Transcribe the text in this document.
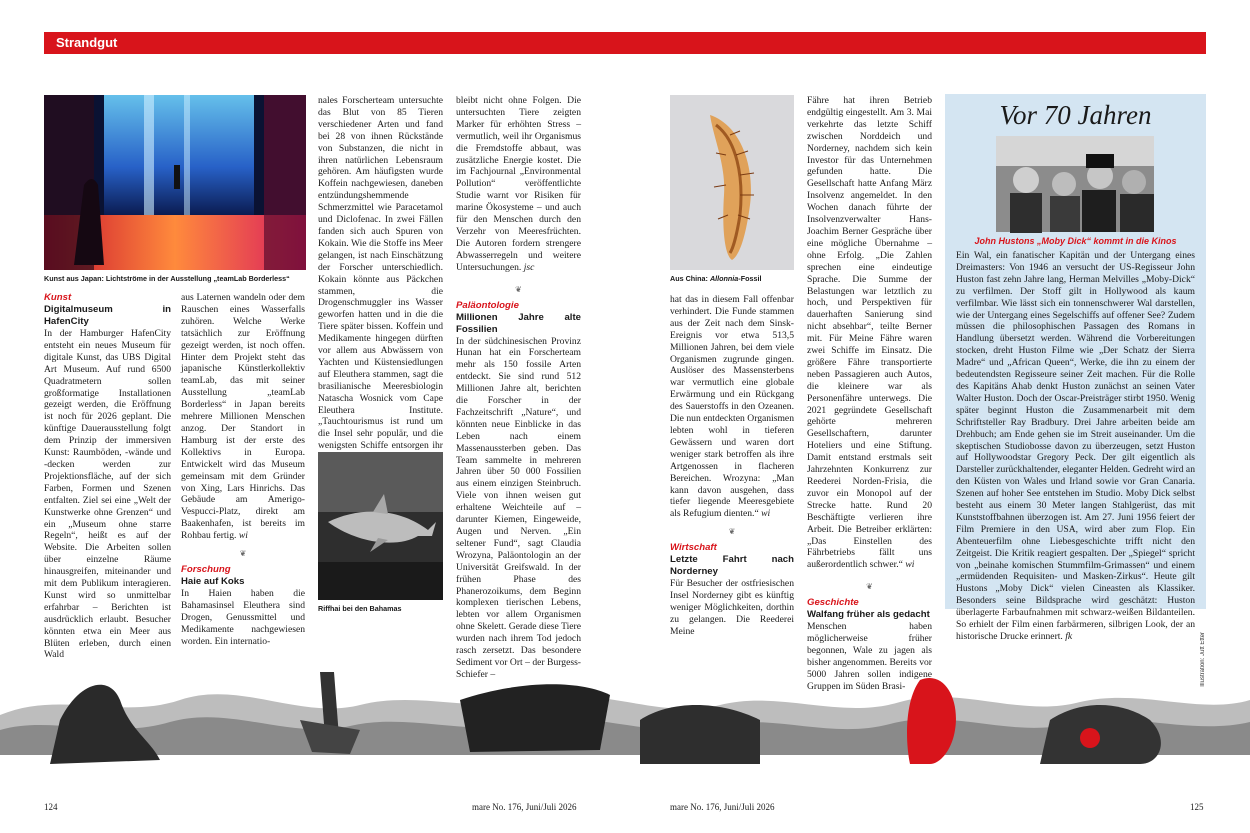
Strandgut
Kunst aus Japan: Lichtströme in der Ausstellung „teamLab Borderless“

Kunst

Digitalmuseum in HafenCity

In der Hamburger HafenCity entsteht ein neues Museum für digitale Kunst, das UBS Digital Art Museum. Auf rund 6500 Quadratmetern sollen großformatige Installationen gezeigt werden, die Eröffnung ist noch für 2026 geplant. Die künftige Dauerausstellung folgt dem Prinzip der immersiven Kunst: Raumböden, -wände und -decken werden zur Projektionsfläche, auf der sich Farben, Formen und Szenen entfalten. Ziel sei eine „Welt der Kunstwerke ohne Grenzen“ und ein „Museum ohne starre Regeln“, heißt es auf der Website. Die Arbeiten sollen über einzelne Räume hinausgreifen, miteinander und mit dem Publikum interagieren. Kunst wird so unmittelbar erfahrbar – Berichten ist ausdrücklich erlaubt. Besucher könnten etwa ein Meer aus Blüten erleben, durch einen Wald

aus Laternen wandeln oder dem Rauschen eines Wasserfalls zuhören. Welche Werke tatsächlich zur Eröffnung gezeigt werden, ist noch offen. Hinter dem Projekt steht das japanische Künstlerkollektiv teamLab, das mit seiner Ausstellung „teamLab Borderless“ in Japan bereits mehrere Millionen Menschen anzog. Der Standort in Hamburg ist der erste des Kollektivs in Europa. Entwickelt wird das Museum gemeinsam mit dem Gründer von Xing, Lars Hinrichs. Das Gebäude am Amerigo-Vespucci-Platz, direkt am Baakenhafen, ist bereits im Rohbau fertig. wi

❦

Forschung

Haie auf Koks

In Haien haben die Bahamasinsel Eleuthera sind Drogen, Genussmittel und Medikamente nachgewiesen worden. Ein internatio-

nales Forscherteam untersuchte das Blut von 85 Tieren verschiedener Arten und fand bei 28 von ihnen Rückstände von Substanzen, die nicht in ihren natürlichen Lebensraum gehören. Am häufigsten wurde Koffein nachgewiesen, daneben entzündungshemmende Schmerzmittel wie Paracetamol und Diclofenac. In zwei Fällen fanden sich auch Spuren von Kokain. Wie die Stoffe ins Meer gelangen, ist nach Einschätzung der Forscher unterschiedlich. Kokain könnte aus Päckchen stammen, die Drogenschmuggler ins Wasser geworfen hatten und in die die Tiere später bissen. Koffein und Medikamente hingegen dürften vor allem aus Abwässern von Yachten und Küstensiedlungen auf Eleuthera stammen, sagt die brasilianische Meeresbiologin Natascha Wosnick vom Cape Eleuthera Institute. „Tauchtourismus ist rund um die Insel sehr populär, und die wenigsten Schiffe entsorgen ihr

Riffhai bei den Bahamas

bleibt nicht ohne Folgen. Die untersuchten Tiere zeigten Marker für erhöhten Stress – vermutlich, weil ihr Organismus die Fremdstoffe abbaut, was zusätzliche Energie kostet. Die im Fachjournal „Environmental Pollution“ veröffentlichte Studie warnt vor Risiken für marine Ökosysteme – und auch für den Menschen durch den Verzehr von Meeresfrüchten. Die Autoren fordern strengere Abwasserregeln und weitere Untersuchungen. jsc

❦

Paläontologie

Millionen Jahre alte Fossilien

In der südchinesischen Provinz Hunan hat ein Forscherteam mehr als 150 fossile Arten entdeckt. Sie sind rund 512 Millionen Jahre alt, berichten die Forscher in der Fachzeitschrift „Nature“, und könnten neue Einblicke in das Leben nach einem Massenaussterben geben. Das Team sammelte in mehreren Jahren über 50 000 Fossilien aus einem einzigen Steinbruch. Viele von ihnen weisen gut erhaltene Weichteile auf – darunter Kiemen, Eingeweide, Augen und Nerven. „Ein seltener Fund“, sagt Claudia Wrozyna, Paläontologin an der Universität Greifswald. In der frühen Phase des Phanerozoikums, dem Beginn komplexen tierischen Lebens, lebten vor allem Organismen ohne Skelett. Gerade diese Tiere wurden nach ihrem Tod jedoch rasch zersetzt. Das besondere Sediment vor Ort – der Burgess-Schiefer –

Aus China: Allonnia-Fossil

hat das in diesem Fall offenbar verhindert. Die Funde stammen aus der Zeit nach dem Sinsk-Ereignis vor etwa 513,5 Millionen Jahren, bei dem viele Organismen zugrunde gingen. Auslöser des Massensterbens war vermutlich eine globale Erwärmung und ein Rückgang des Sauerstoffs in den Ozeanen. Die nun entdeckten Organismen lebten wohl in tieferen Gewässern und waren dort weniger stark betroffen als ihre Artgenossen in flacheren Bereichen. Wrozyna: „Man kann davon ausgehen, dass tiefer liegende Meeresgebiete als Refugium dienten.“ wi

❦

Wirtschaft

Letzte Fahrt nach Norderney

Für Besucher der ostfriesischen Insel Norderney gibt es künftig weniger Möglichkeiten, dorthin zu gelangen. Die Reederei Meine

Fähre hat ihren Betrieb endgültig eingestellt. Am 3. Mai verkehrte das letzte Schiff zwischen Norddeich und Norderney, nachdem sich kein Investor für das Unternehmen gefunden hatte. Die Gesellschaft hatte Anfang März Insolvenz angemeldet. In den Wochen danach führte der Insolvenzverwalter Hans-Joachim Berner Gespräche über eine mögliche Übernahme – ohne Erfolg. „Die Zahlen sprechen eine eindeutige Sprache. Die Summe der Belastungen war letztlich zu hoch, und Perspektiven für dauerhaften Sanierung sind nicht absehbar“, teilte Berner mit. Für Meine Fähre waren zwei Schiffe im Einsatz. Die größere Fähre transportierte neben Passagieren auch Autos, die kleinere war als Personenfähre unterwegs. Die 2021 gegründete Gesellschaft gehörte mehreren Gesellschaftern, darunter Hoteliers und eine Stiftung. Damit entstand erstmals seit Jahrzehnten Konkurrenz zur Reederei Norden-Frisia, die zuvor ein Monopol auf der Strecke hatte. Rund 20 Beschäftigte verlieren ihre Arbeit. Die Betreiber erklärten: „Das Einstellen des Fährbetriebs fällt uns außerordentlich schwer.“ wi

❦

Geschichte

Walfang früher als gedacht

Menschen haben möglicherweise früher begonnen, Wale zu jagen als bisher angenommen. Bereits vor 5000 Jahren sollen indigene Gruppen im Süden Brasi-

Vor 70 Jahren
John Hustons „Moby Dick“ kommt in die Kinos
Ein Wal, ein fanatischer Kapitän und der Untergang eines Dreimasters: Von 1946 an versucht der US-Regisseur John Huston fast zehn Jahre lang, Herman Melvilles „Moby-Dick“ zu verfilmen. Der Stoff gilt in Hollywood als kaum verfilmbar. Wie lässt sich ein tonnenschwerer Wal darstellen, wie der Untergang eines Segelschiffs auf offener See? Zudem müssen die philosophischen Passagen des Romans in Handlung übersetzt werden. Während die Vorbereitungen stocken, dreht Huston Filme wie „Der Schatz der Sierra Madre“ und „African Queen“, Werke, die ihn zu einem der bedeutendsten Regisseure seiner Zeit machen. Für die Rolle des Kapitäns Ahab denkt Huston zunächst an seinen Vater Walter Huston. Doch der Oscar-Preisträger stirbt 1950. Wenig später beginnt Huston die Zusammenarbeit mit dem Schriftsteller Ray Bradbury. Drei Jahre arbeiten beide am Drehbuch; am Ende gehen sie im Streit auseinander. Um die skeptischen Studiobosse davon zu überzeugen, setzt Huston auf Hollywoodstar Gregory Peck. Der gilt eigentlich als Darsteller zurückhaltender, eleganter Helden. Gedreht wird an den Küsten von Wales und Irland sowie vor Gran Canaria. Szenen auf hoher See entstehen im Studio. Moby Dick selbst besteht aus einem 30 Meter langen Stahlgerüst, das mit Kunststoffbahnen überzogen ist. Am 27. Juni 1956 feiert der Film Premiere in den USA, wird aber zum Flop. Ein Abenteuerfilm ohne Liebesgeschichte trifft nicht den Zeitgeist. Die Kritik reagiert gespalten. Der „Spiegel“ spricht von „beinahe komischen Stummfilm-Grimassen“ und einem „ermüdenden Requisiten- und Masken-Zirkus“. Heute gilt Hustons „Moby Dick“ vielen Cineasten als Klassiker. Besonders seine Bildsprache wird geschätzt: Huston überlagerte Farbaufnahmen mit schwarz-weißen Bildanteilen. So erhielt der Film einen farbärmeren, silbrigen Look, der an historische Drucke erinnert. fk	Illustration: Jutt Etter
124	mare No. 176, Juni/Juli 2026	mare No. 176, Juni/Juli 2026	125
